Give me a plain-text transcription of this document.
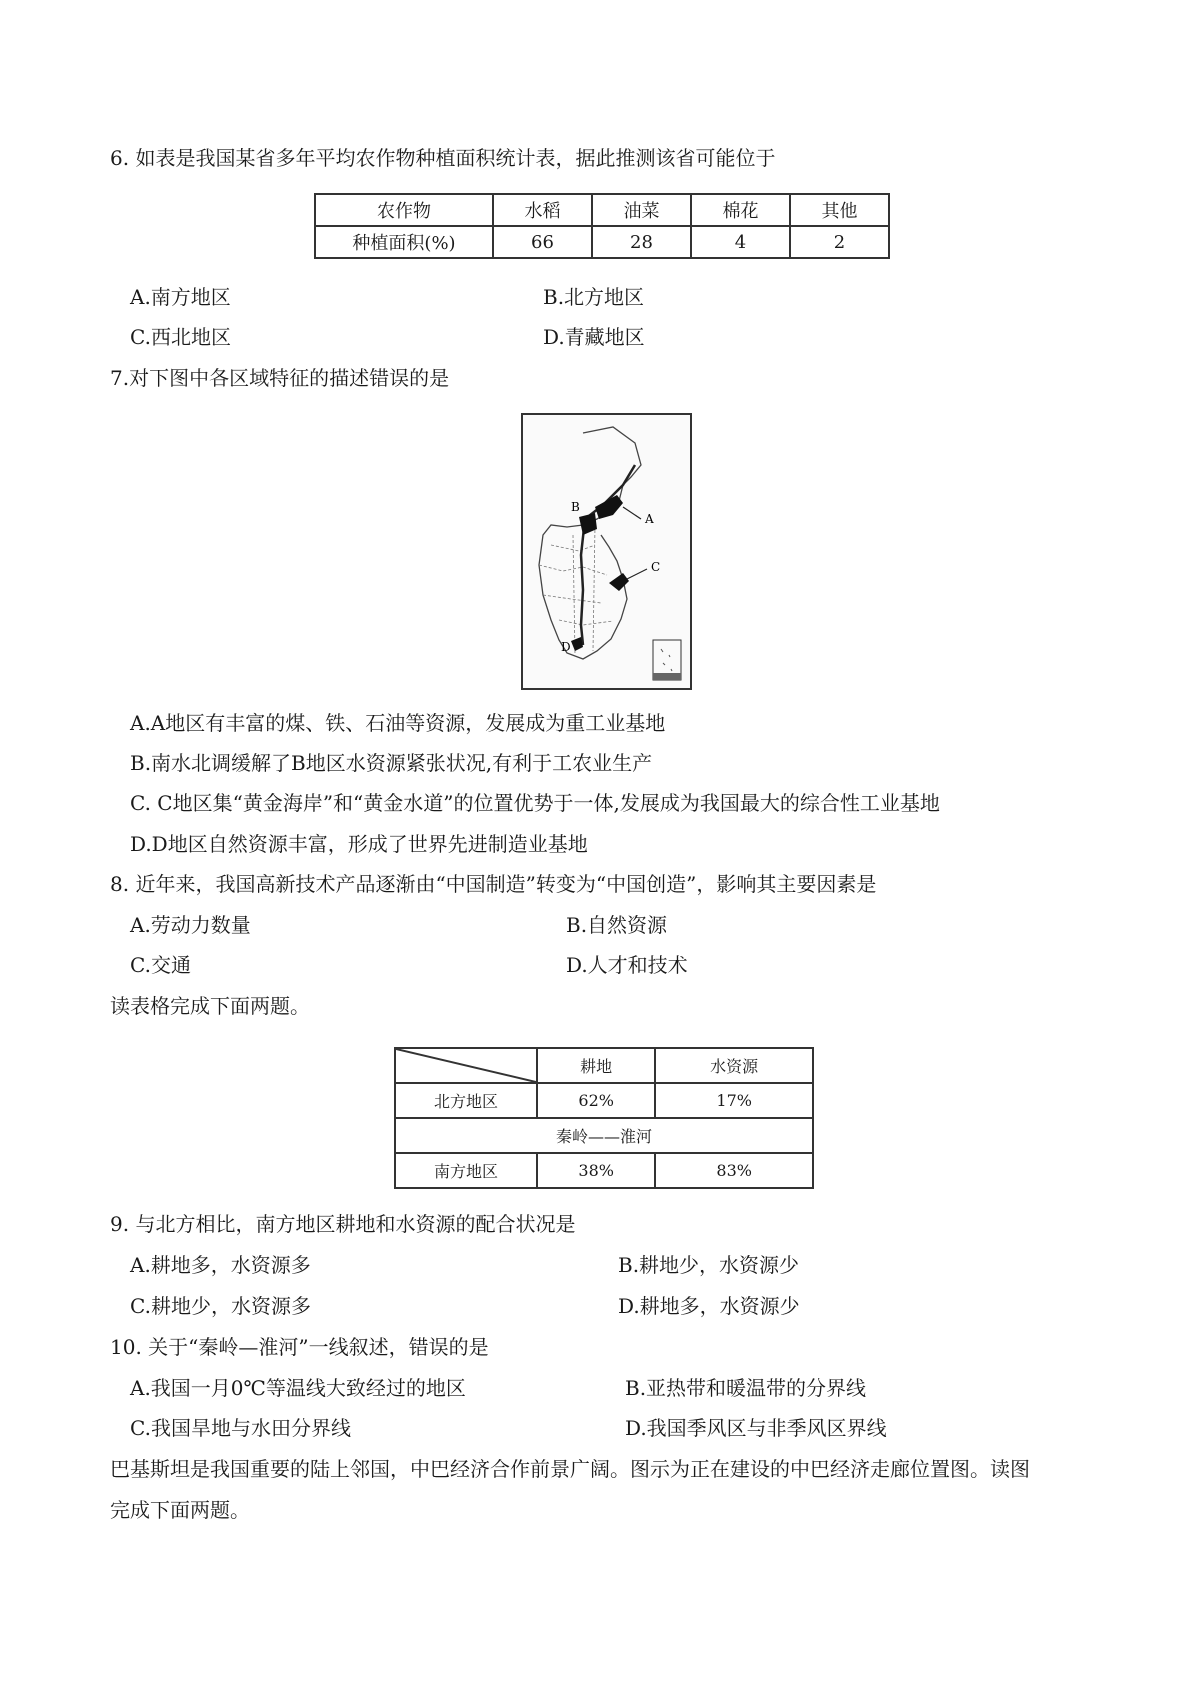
6. 如表是我国某省多年平均农作物种植面积统计表，据此推测该省可能位于
农作物	水稻	油菜	棉花	其他
种植面积(%)	66	28	4	2
A.南方地区	B.北方地区
C.西北地区	D.青藏地区
7.对下图中各区域特征的描述错误的是
A
B
C
D
A.A地区有丰富的煤、铁、石油等资源，发展成为重工业基地
B.南水北调缓解了B地区水资源紧张状况,有利于工农业生产
C. C地区集“黄金海岸”和“黄金水道”的位置优势于一体,发展成为我国最大的综合性工业基地
D.D地区自然资源丰富，形成了世界先进制造业基地
8. 近年来，我国高新技术产品逐渐由“中国制造”转变为“中国创造”，影响其主要因素是
A.劳动力数量	B.自然资源
C.交通	D.人才和技术
读表格完成下面两题。
	耕地	水资源
北方地区	62%	17%
秦岭——淮河		
南方地区	38%	83%
9. 与北方相比，南方地区耕地和水资源的配合状况是
A.耕地多，水资源多	B.耕地少，水资源少
C.耕地少，水资源多	D.耕地多，水资源少
10. 关于“秦岭—淮河”一线叙述，错误的是
A.我国一月0℃等温线大致经过的地区	B.亚热带和暖温带的分界线
C.我国旱地与水田分界线	D.我国季风区与非季风区界线
巴基斯坦是我国重要的陆上邻国，中巴经济合作前景广阔。图示为正在建设的中巴经济走廊位置图。读图
完成下面两题。
